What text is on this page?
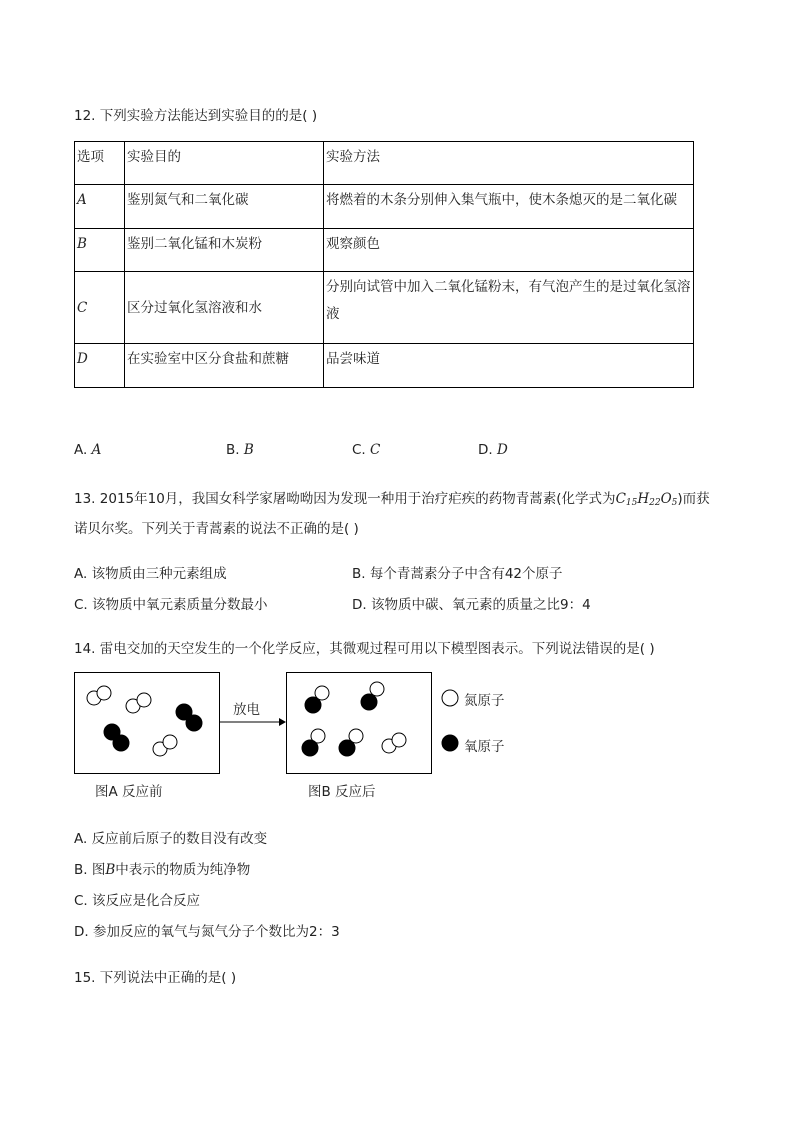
12. 下列实验方法能达到实验目的的是( )
选项	实验目的	实验方法
A	鉴别氮气和二氧化碳	将燃着的木条分别伸入集气瓶中，使木条熄灭的是二氧化碳
B	鉴别二氧化锰和木炭粉	观察颜色
C	区分过氧化氢溶液和水	分别向试管中加入二氧化锰粉末，有气泡产生的是过氧化氢溶液
D	在实验室中区分食盐和蔗糖	品尝味道
A. A	B. B	C. C	D. D
13. 2015年10月，我国女科学家屠呦呦因为发现一种用于治疗疟疾的药物青蒿素(化学式为$C_{15}H_{22}O_5$)而获
诺贝尔奖。下列关于青蒿素的说法不正确的是( )
A. 该物质由三种元素组成	B. 每个青蒿素分子中含有42个原子
C. 该物质中氧元素质量分数最小	D. 该物质中碳、氧元素的质量之比9：4
14. 雷电交加的天空发生的一个化学反应，其微观过程可用以下模型图表示。下列说法错误的是( )
放电
氮原子
氧原子
图A 反应前	图B 反应后
A. 反应前后原子的数目没有改变
B. 图B中表示的物质为纯净物
C. 该反应是化合反应
D. 参加反应的氧气与氮气分子个数比为2：3
15. 下列说法中正确的是( )
